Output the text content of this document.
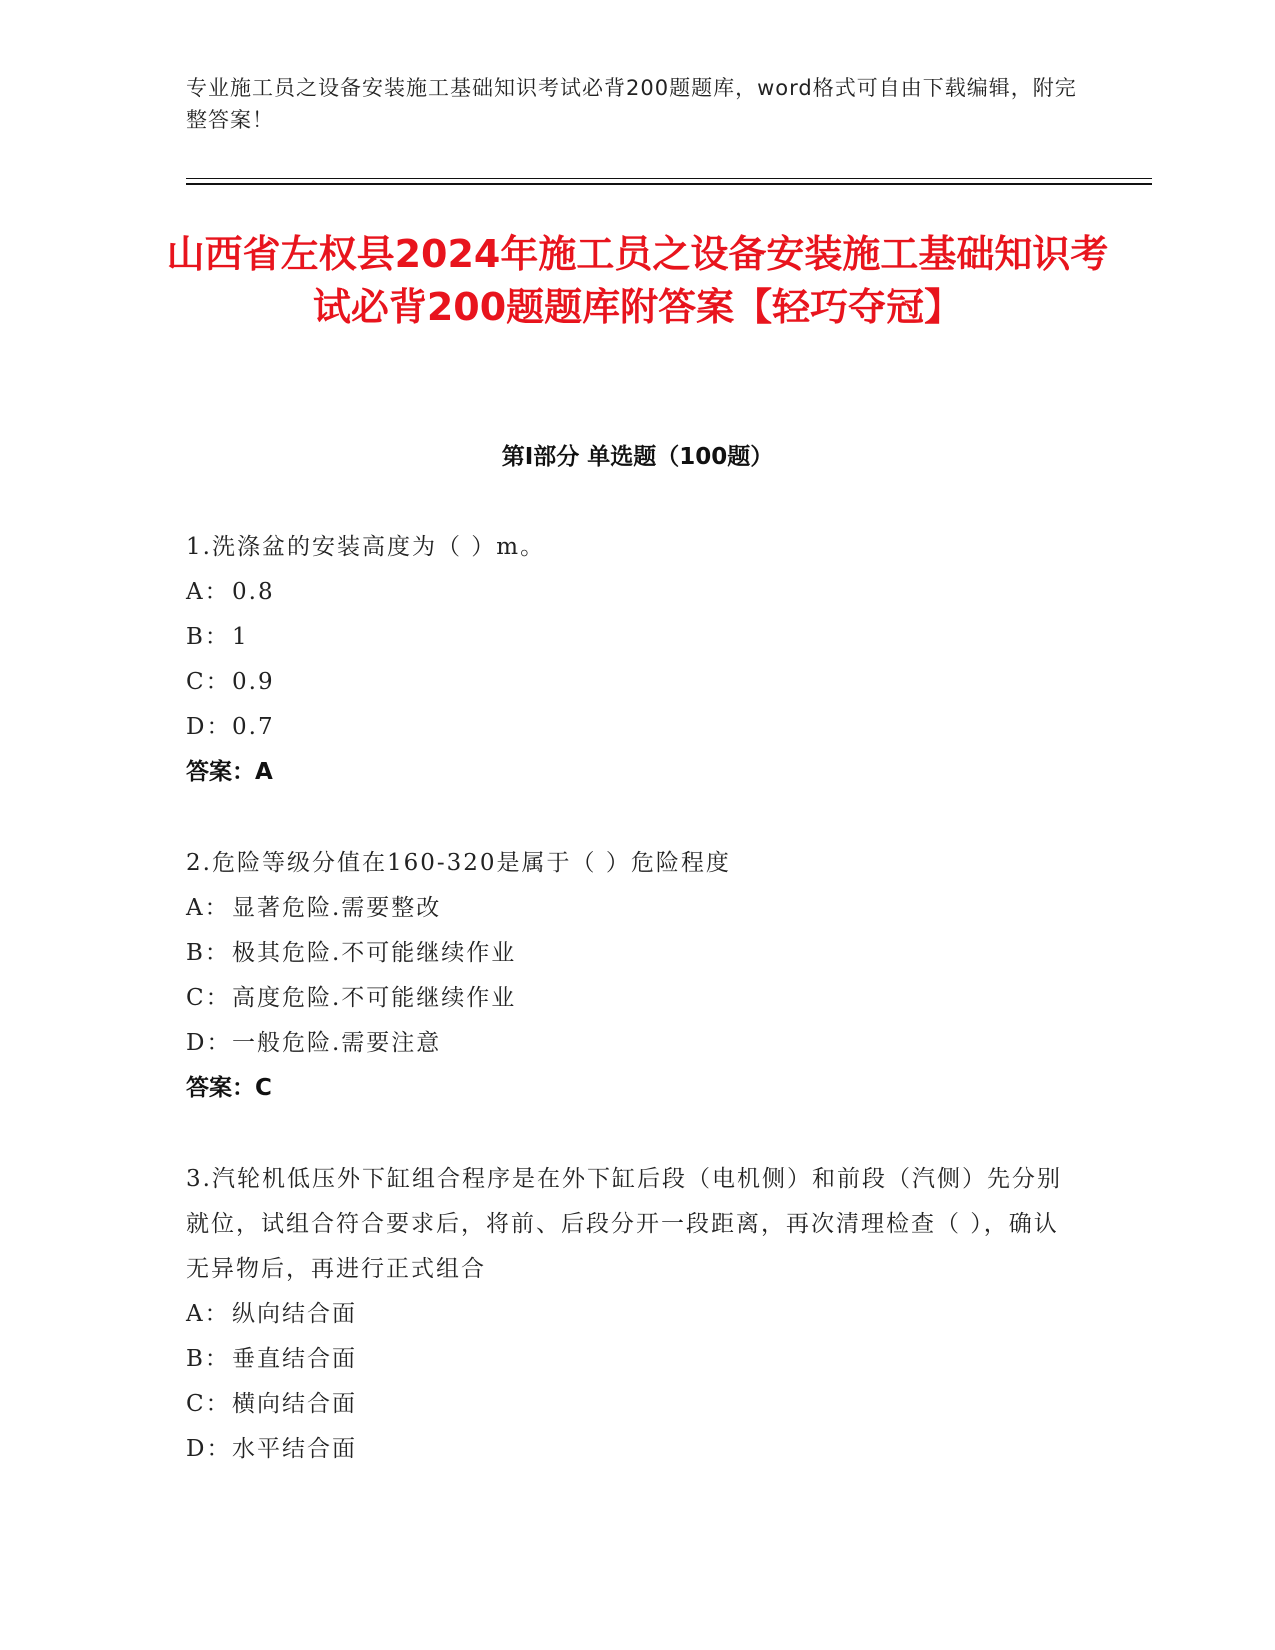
专业施工员之设备安装施工基础知识考试必背200题题库，word格式可自由下载编辑，附完整答案！
山西省左权县2024年施工员之设备安装施工基础知识考试必背200题题库附答案【轻巧夺冠】
第Ⅰ部分 单选题（100题）
1.洗涤盆的安装高度为（ ）m。
A： 0.8
B：1
C：0.9
D：0.7
答案：A
2.危险等级分值在160-320是属于（ ）危险程度
A： 显著危险.需要整改
B：极其危险.不可能继续作业
C：高度危险.不可能继续作业
D：一般危险.需要注意
答案：C
3.汽轮机低压外下缸组合程序是在外下缸后段（电机侧）和前段（汽侧）先分别就位，试组合符合要求后，将前、后段分开一段距离，再次清理检查（ ），确认无异物后，再进行正式组合
A： 纵向结合面
B：垂直结合面
C：横向结合面
D：水平结合面
